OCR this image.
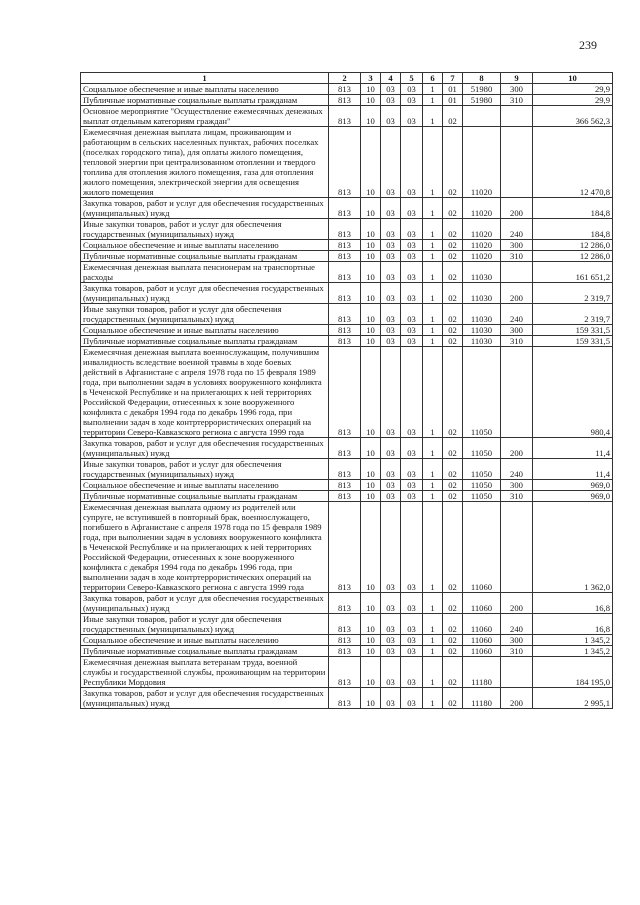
239
1	2	3	4	5	6	7	8	9	10
Социальное обеспечение и иные выплаты населению	813	10	03	03	1	01	51980	300	29,9
Публичные нормативные социальные выплаты гражданам	813	10	03	03	1	01	51980	310	29,9
Основное мероприятие "Осуществление ежемесячных денежных выплат отдельным категориям граждан"	813	10	03	03	1	02			366 562,3
Ежемесячная денежная выплата лицам, проживающим и работающим в сельских населенных пунктах, рабочих поселках (поселках городского типа), для оплаты жилого помещения, тепловой энергии при централизованном отоплении и твердого топлива для отопления жилого помещения, газа для отопления жилого помещения, электрической энергии для освещения жилого помещения	813	10	03	03	1	02	11020		12 470,8
Закупка товаров, работ и услуг для обеспечения государственных (муниципальных) нужд	813	10	03	03	1	02	11020	200	184,8
Иные закупки товаров, работ и услуг для обеспечения государственных (муниципальных) нужд	813	10	03	03	1	02	11020	240	184,8
Социальное обеспечение и иные выплаты населению	813	10	03	03	1	02	11020	300	12 286,0
Публичные нормативные социальные выплаты гражданам	813	10	03	03	1	02	11020	310	12 286,0
Ежемесячная денежная выплата пенсионерам на транспортные расходы	813	10	03	03	1	02	11030		161 651,2
Закупка товаров, работ и услуг для обеспечения государственных (муниципальных) нужд	813	10	03	03	1	02	11030	200	2 319,7
Иные закупки товаров, работ и услуг для обеспечения государственных (муниципальных) нужд	813	10	03	03	1	02	11030	240	2 319,7
Социальное обеспечение и иные выплаты населению	813	10	03	03	1	02	11030	300	159 331,5
Публичные нормативные социальные выплаты гражданам	813	10	03	03	1	02	11030	310	159 331,5
Ежемесячная денежная выплата военнослужащим, получившим инвалидность вследствие военной травмы в ходе боевых действий в Афганистане с апреля 1978 года по 15 февраля 1989 года, при выполнении задач в условиях вооруженного конфликта в Чеченской Республике и на прилегающих к ней территориях Российской Федерации, отнесенных к зоне вооруженного конфликта с декабря 1994 года по декабрь 1996 года, при выполнении задач в ходе контртеррористических операций на территории Северо-Кавказского региона с августа 1999 года	813	10	03	03	1	02	11050		980,4
Закупка товаров, работ и услуг для обеспечения государственных (муниципальных) нужд	813	10	03	03	1	02	11050	200	11,4
Иные закупки товаров, работ и услуг для обеспечения государственных (муниципальных) нужд	813	10	03	03	1	02	11050	240	11,4
Социальное обеспечение и иные выплаты населению	813	10	03	03	1	02	11050	300	969,0
Публичные нормативные социальные выплаты гражданам	813	10	03	03	1	02	11050	310	969,0
Ежемесячная денежная выплата одному из родителей или супруге, не вступившей в повторный брак, военнослужащего, погибшего в Афганистане с апреля 1978 года по 15 февраля 1989 года, при выполнении задач в условиях вооруженного конфликта в Чеченской Республике и на прилегающих к ней территориях Российской Федерации, отнесенных к зоне вооруженного конфликта с декабря 1994 года по декабрь 1996 года, при выполнении задач в ходе контртеррористических операций на территории Северо-Кавказского региона с августа 1999 года	813	10	03	03	1	02	11060		1 362,0
Закупка товаров, работ и услуг для обеспечения государственных (муниципальных) нужд	813	10	03	03	1	02	11060	200	16,8
Иные закупки товаров, работ и услуг для обеспечения государственных (муниципальных) нужд	813	10	03	03	1	02	11060	240	16,8
Социальное обеспечение и иные выплаты населению	813	10	03	03	1	02	11060	300	1 345,2
Публичные нормативные социальные выплаты гражданам	813	10	03	03	1	02	11060	310	1 345,2
Ежемесячная денежная выплата ветеранам труда, военной службы и государственной службы, проживающим на территории Республики Мордовия	813	10	03	03	1	02	11180		184 195,0
Закупка товаров, работ и услуг для обеспечения государственных (муниципальных) нужд	813	10	03	03	1	02	11180	200	2 995,1
